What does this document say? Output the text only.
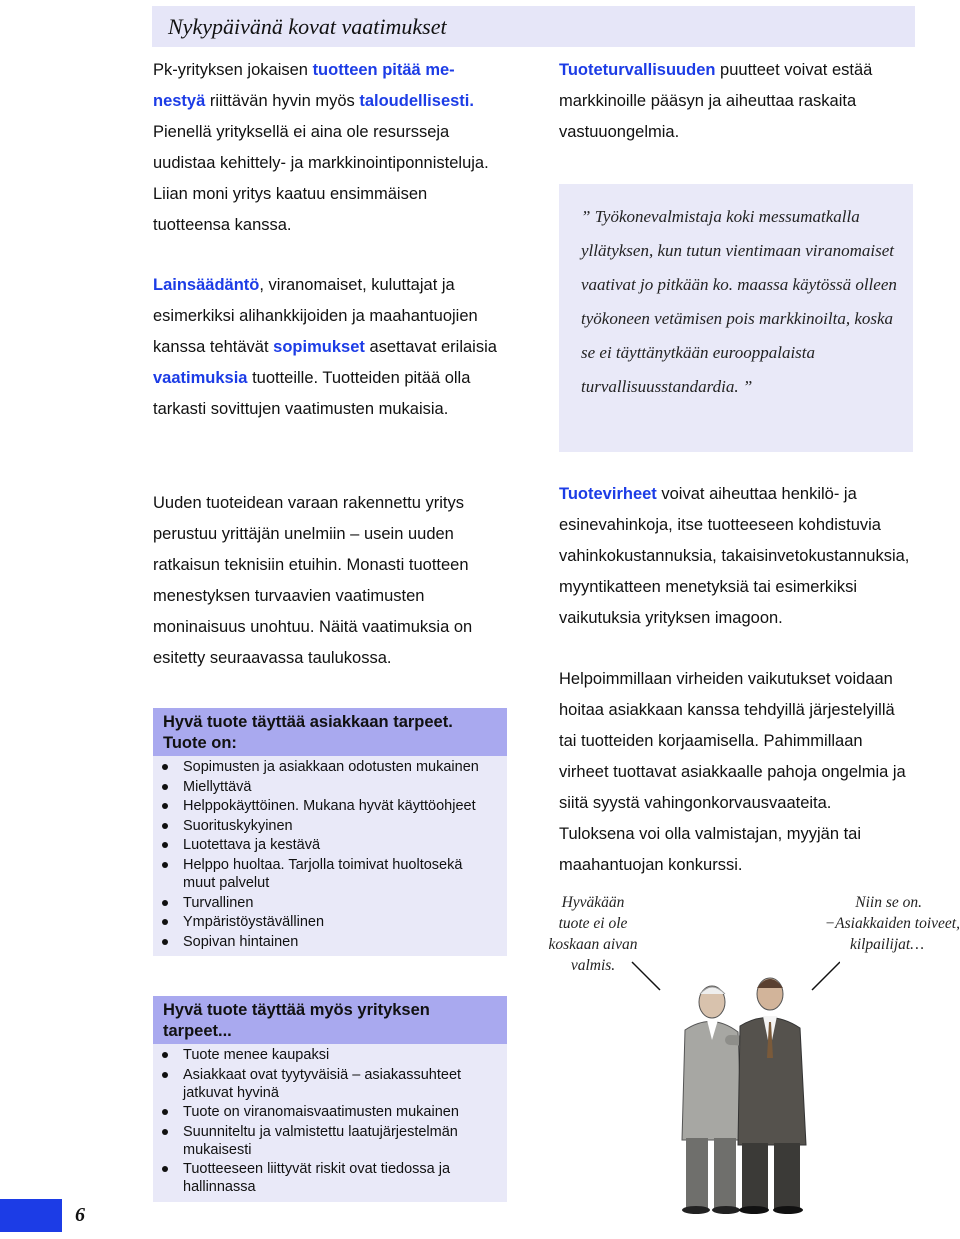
Nykypäivänä kovat vaatimukset
Pk-yrityksen jokaisen tuotteen pitää me-nestyä riittävän hyvin myös taloudellisesti. Pienellä yrityksellä ei aina ole resursseja uudistaa kehittely- ja markkinointiponnisteluja. Liian moni yritys kaatuu ensimmäisen tuotteensa kanssa.
Lainsäädäntö, viranomaiset, kuluttajat ja esimerkiksi alihankkijoiden ja maahantuojien kanssa tehtävät sopimukset asettavat erilaisia vaatimuksia tuotteille. Tuotteiden pitää olla tarkasti sovittujen vaatimusten mukaisia.
Uuden tuoteidean varaan rakennettu yritys perustuu yrittäjän unelmiin – usein uuden ratkaisun teknisiin etuihin. Monasti tuotteen menestyksen turvaavien vaatimusten moninaisuus unohtuu. Näitä vaatimuksia on esitetty seuraavassa taulukossa.
Hyvä tuote täyttää asiakkaan tarpeet.
Tuote on:
Sopimusten ja asiakkaan odotusten mukainen
Miellyttävä
Helppokäyttöinen. Mukana hyvät käyttöohjeet
Suorituskykyinen
Luotettava ja kestävä
Helppo huoltaa. Tarjolla toimivat huoltosekä muut palvelut
Turvallinen
Ympäristöystävällinen
Sopivan hintainen
Hyvä tuote täyttää myös yrityksen tarpeet...
Tuote menee kaupaksi
Asiakkaat ovat tyytyväisiä – asiakassuhteet jatkuvat hyvinä
Tuote on viranomaisvaatimusten mukainen
Suunniteltu ja valmistettu laatujärjestelmän mukaisesti
Tuotteeseen liittyvät riskit ovat tiedossa ja hallinnassa
Tuoteturvallisuuden puutteet voivat estää markkinoille pääsyn ja aiheuttaa raskaita vastuuongelmia.

” Työkonevalmistaja koki messumatkalla yllätyksen, kun tutun vientimaan viranomaiset vaativat jo pitkään ko. maassa käytössä olleen työkoneen vetämisen pois markkinoilta, koska se ei täyttänytkään eurooppalaista turvallisuusstandardia. ”

Tuotevirheet voivat aiheuttaa henkilö- ja esinevahinkoja, itse tuotteeseen kohdistuvia vahinkokustannuksia, takaisinvetokustannuksia, myyntikatteen menetyksiä tai esimerkiksi vaikutuksia yrityksen imagoon.
Helpoimmillaan virheiden vaikutukset voidaan hoitaa asiakkaan kanssa tehdyillä järjestelyillä tai tuotteiden korjaamisella. Pahimmillaan virheet tuottavat asiakkaalle pahoja ongelmia ja siitä syystä vahingonkorvausvaateita. Tuloksena voi olla valmistajan, myyjän tai maahantuojan konkurssi.
Hyväkään
tuote ei ole
koskaan aivan
valmis.
Niin se on.
−Asiakkaiden toiveet,
kilpailijat…
6
